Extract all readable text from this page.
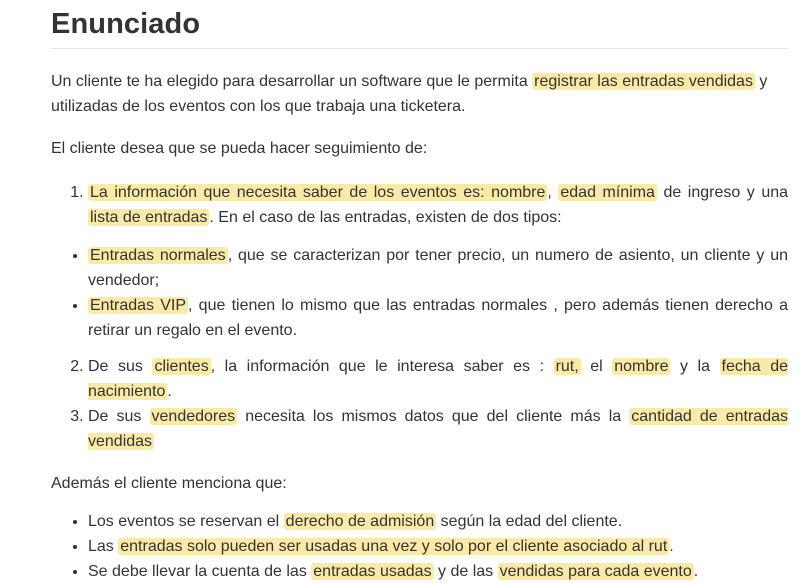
Enunciado

Un cliente te ha elegido para desarrollar un software que le permita registrar las entradas vendidas y utilizadas de los eventos con los que trabaja una ticketera.

El cliente desea que se pueda hacer seguimiento de:

1. La información que necesita saber de los eventos es: nombre , edad mínima de ingreso y una lista de entradas . En el caso de las entradas, existen de dos tipos:
• Entradas normales , que se caracterizan por tener precio, un numero de asiento, un cliente y un vendedor;
• Entradas VIP , que tienen lo mismo que las entradas normales , pero además tienen derecho a retirar un regalo en el evento.
2. De sus clientes , la información que le interesa saber es : rut, el nombre y la fecha de nacimiento .
3. De sus vendedores necesita los mismos datos que del cliente más la cantidad de entradas vendidas

Además el cliente menciona que:

• Los eventos se reservan el derecho de admisión según la edad del cliente.
• Las entradas solo pueden ser usadas una vez y solo por el cliente asociado al rut .
• Se debe llevar la cuenta de las entradas usadas y de las vendidas para cada evento .
